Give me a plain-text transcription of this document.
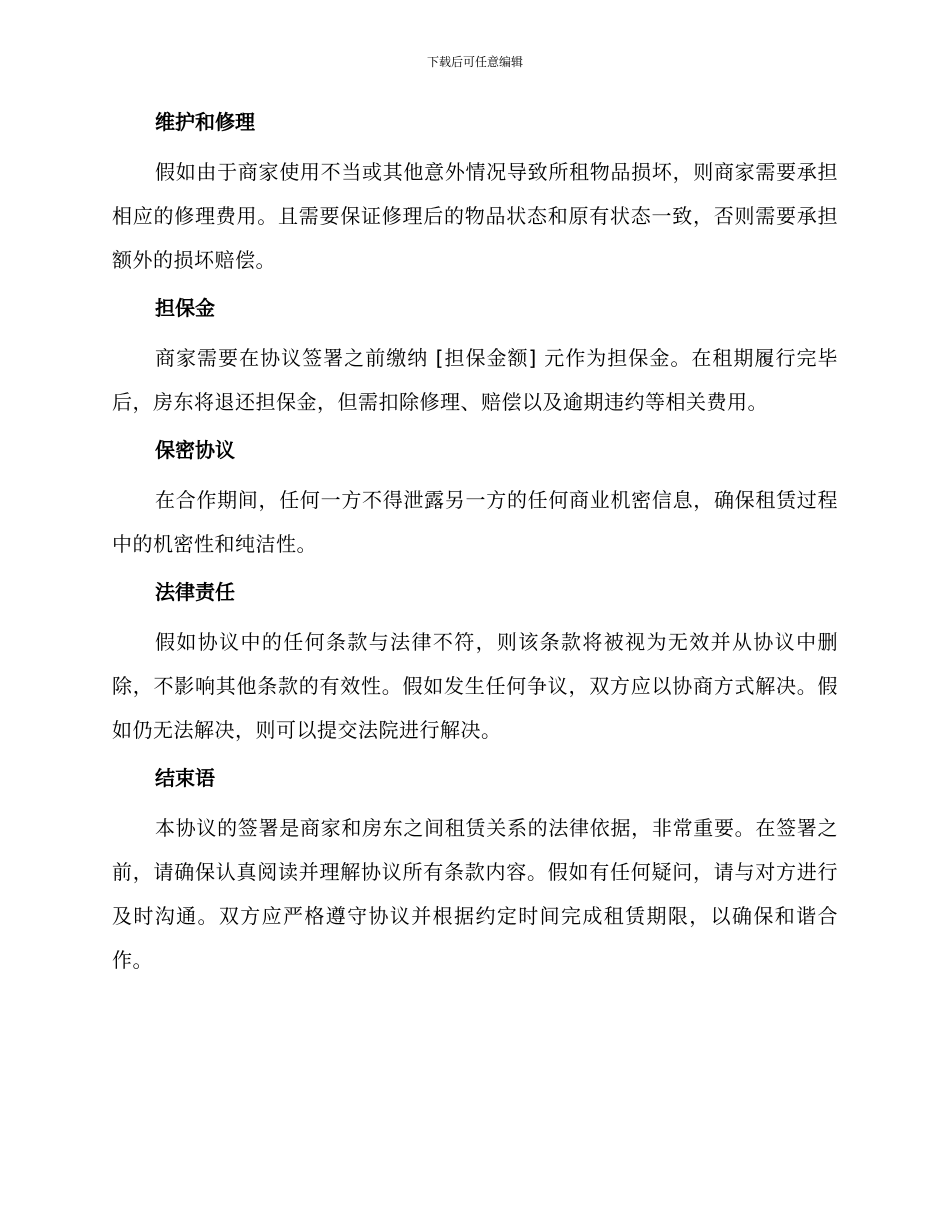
下载后可任意编辑
维护和修理

假如由于商家使用不当或其他意外情况导致所租物品损坏，则商家需要承担相应的修理费用。且需要保证修理后的物品状态和原有状态一致，否则需要承担额外的损坏赔偿。

担保金

商家需要在协议签署之前缴纳 [担保金额] 元作为担保金。在租期履行完毕后，房东将退还担保金，但需扣除修理、赔偿以及逾期违约等相关费用。

保密协议

在合作期间，任何一方不得泄露另一方的任何商业机密信息，确保租赁过程中的机密性和纯洁性。

法律责任

假如协议中的任何条款与法律不符，则该条款将被视为无效并从协议中删除，不影响其他条款的有效性。假如发生任何争议，双方应以协商方式解决。假如仍无法解决，则可以提交法院进行解决。

结束语

本协议的签署是商家和房东之间租赁关系的法律依据，非常重要。在签署之前，请确保认真阅读并理解协议所有条款内容。假如有任何疑问，请与对方进行及时沟通。双方应严格遵守协议并根据约定时间完成租赁期限，以确保和谐合作。
